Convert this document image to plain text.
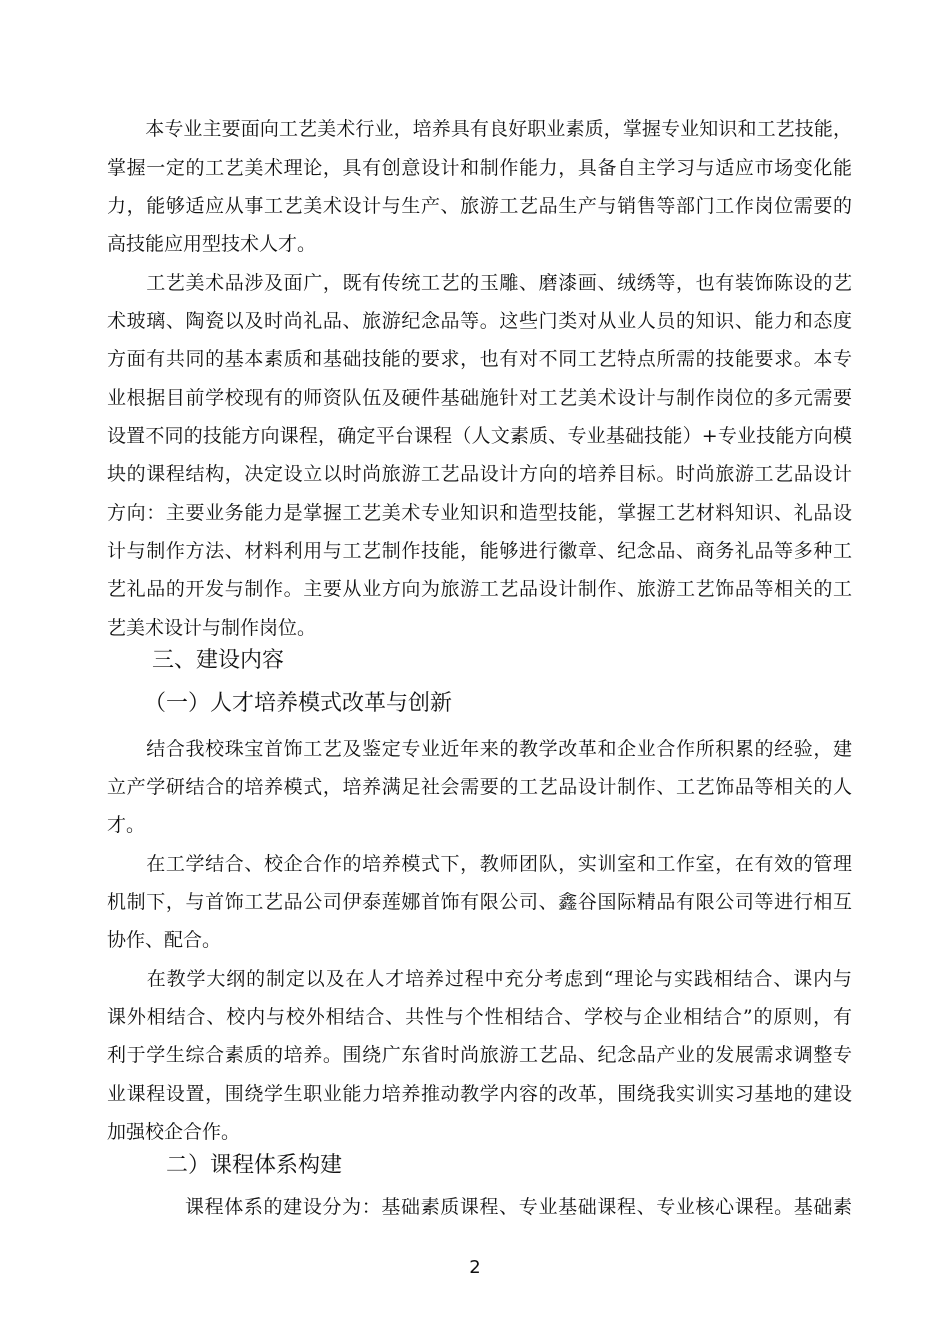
　　本专业主要面向工艺美术行业，培养具有良好职业素质，掌握专业知识和工艺技能，
掌握一定的工艺美术理论，具有创意设计和制作能力，具备自主学习与适应市场变化能
力，能够适应从事工艺美术设计与生产、旅游工艺品生产与销售等部门工作岗位需要的
高技能应用型技术人才。
　　工艺美术品涉及面广，既有传统工艺的玉雕、磨漆画、绒绣等，也有装饰陈设的艺
术玻璃、陶瓷以及时尚礼品、旅游纪念品等。这些门类对从业人员的知识、能力和态度
方面有共同的基本素质和基础技能的要求，也有对不同工艺特点所需的技能要求。本专
业根据目前学校现有的师资队伍及硬件基础施针对工艺美术设计与制作岗位的多元需要
设置不同的技能方向课程，确定平台课程（人文素质、专业基础技能）+专业技能方向模
块的课程结构，决定设立以时尚旅游工艺品设计方向的培养目标。时尚旅游工艺品设计
方向：主要业务能力是掌握工艺美术专业知识和造型技能，掌握工艺材料知识、礼品设
计与制作方法、材料利用与工艺制作技能，能够进行徽章、纪念品、商务礼品等多种工
艺礼品的开发与制作。主要从业方向为旅游工艺品设计制作、旅游工艺饰品等相关的工
艺美术设计与制作岗位。
三、建设内容
（一）人才培养模式改革与创新
　　结合我校珠宝首饰工艺及鉴定专业近年来的教学改革和企业合作所积累的经验，建
立产学研结合的培养模式，培养满足社会需要的工艺品设计制作、工艺饰品等相关的人
才。
　　在工学结合、校企合作的培养模式下，教师团队，实训室和工作室，在有效的管理
机制下，与首饰工艺品公司伊泰莲娜首饰有限公司、鑫谷国际精品有限公司等进行相互
协作、配合。
　　在教学大纲的制定以及在人才培养过程中充分考虑到“理论与实践相结合、课内与
课外相结合、校内与校外相结合、共性与个性相结合、学校与企业相结合”的原则，有
利于学生综合素质的培养。围绕广东省时尚旅游工艺品、纪念品产业的发展需求调整专
业课程设置，围绕学生职业能力培养推动教学内容的改革，围绕我实训实习基地的建设
加强校企合作。
二）课程体系构建
课程体系的建设分为：基础素质课程、专业基础课程、专业核心课程。基础素
2
